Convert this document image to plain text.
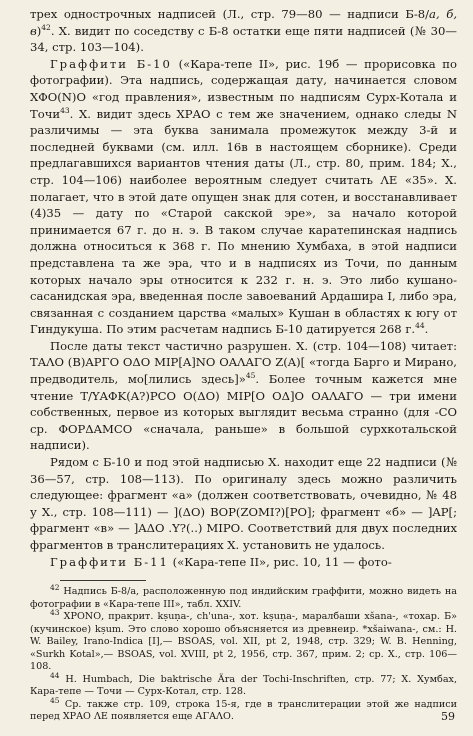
трех однострочных надписей (Л., стр. 79—80 — надписи Б-8/а, б, в)$^{42}$. Х. видит по соседству с Б-8 остатки еще пяти надписей (№ 30—34, стр. 103—104).

Граффити Б-10 («Кара-тепе II», рис. 19б — прорисовка по фотографии). Эта надпись, содержащая дату, начинается словом ΧΦΟ(Ν)Ο «год правления», известным по надписям Сурх-Котала и Точи$^{43}$. Х. видит здесь ΧΡΑΟ с тем же значением, однако следы N различимы — эта буква занимала промежуток между 3-й и последней буквами (см. илл. 16в в настоящем сборнике). Среди предлагавшихся вариантов чтения даты (Л., стр. 80, прим. 184; Х., стр. 104—106) наиболее вероятным следует считать ΛΕ «35». Х. полагает, что в этой дате опущен знак для сотен, и восстанавливает (4)35 — дату по «Старой сакской эре», за начало которой принимается 67 г. до н. э. В таком случае каратепинская надпись должна относиться к 368 г. По мнению Хумбаха, в этой надписи представлена та же эра, что и в надписях из Точи, по данным которых начало эры относится к 232 г. н. э. Это либо кушано-сасанидская эра, введенная после завоеваний Ардашира I, либо эра, связанная с созданием царства «малых» Кушан в областях к югу от Гиндукуша. По этим расчетам надпись Б-10 датируется 268 г.$^{44}$.

После даты текст частично разрушен. Х. (стр. 104—108) читает: ΤΑΛΟ (Β)ΑΡΓΟ ΟΔΟ ΜΙΡ[Α]ΝΟ ΟΑΛΑΓΟ Ζ(Α)[ «тогда Барго и Мирано, предводитель, мо[лились здесь]»$^{45}$. Более точным кажется мне чтение Τ/ΥΑΦΚ(Α?)ΡCΟ Ο(ΔΟ) ΜΙΡ[Ο ΟΔ]Ο ΟΑΛΑΓΟ — три имени собственных, первое из которых выглядит весьма странно (для -CO ср. ΦΟΡΔΑΜCΟ «сначала, раньше» в большой сурхкотальской надписи).

Рядом с Б-10 и под этой надписью Х. находит еще 22 надписи (№ 36—57, стр. 108—113). По оригиналу здесь можно различить следующее: фрагмент «а» (должен соответствовать, очевидно, № 48 у Х., стр. 108—111) — ](ΔΟ) ΒΟΡ(ΖΟΜΙ?)[ΡΟ]; фрагмент «б» — ]ΑΡ[; фрагмент «в» — ]ΑΔΟ .Υ?(..) ΜΙΡΟ. Соответствий для двух последних фрагментов в транслитерациях Х. установить не удалось.

Граффити Б-11 («Кара-тепе II», рис. 10, 11 — фото-

$^{42}$ Надпись Б-8/а, расположенную под индийским граффити, можно видеть на фотографии в «Кара-тепе III», табл. XXIV.

$^{43}$ ΧΡΟΝΟ, пракрит. kṣuṇa-, ch'una-, хот. kṣuṇa-, маралбаши xšana-, «тохар. Б» (кучинское) kṣum. Это слово хорошо объясняется из древнеир. *xšaiwana-, см.: H. W. Bailey, Irano-Indica [I],— BSOAS, vol. XII, pt 2, 1948, стр. 329; W. B. Henning, «Surkh Kotal»,— BSOAS, vol. XVIII, pt 2, 1956, стр. 367, прим. 2; ср. Х., стр. 106—108.

$^{44}$ H. Humbach, Die baktrische Ära der Tochi-Inschriften, стр. 77; Х. Хумбах, Кара-тепе — Точи — Сурх-Котал, стр. 128.

$^{45}$ Ср. также стр. 109, строка 15-я, где в транслитерации этой же надписи перед ΧΡΑΟ ΛΕ появляется еще ΑΓΑΛΟ.	59
